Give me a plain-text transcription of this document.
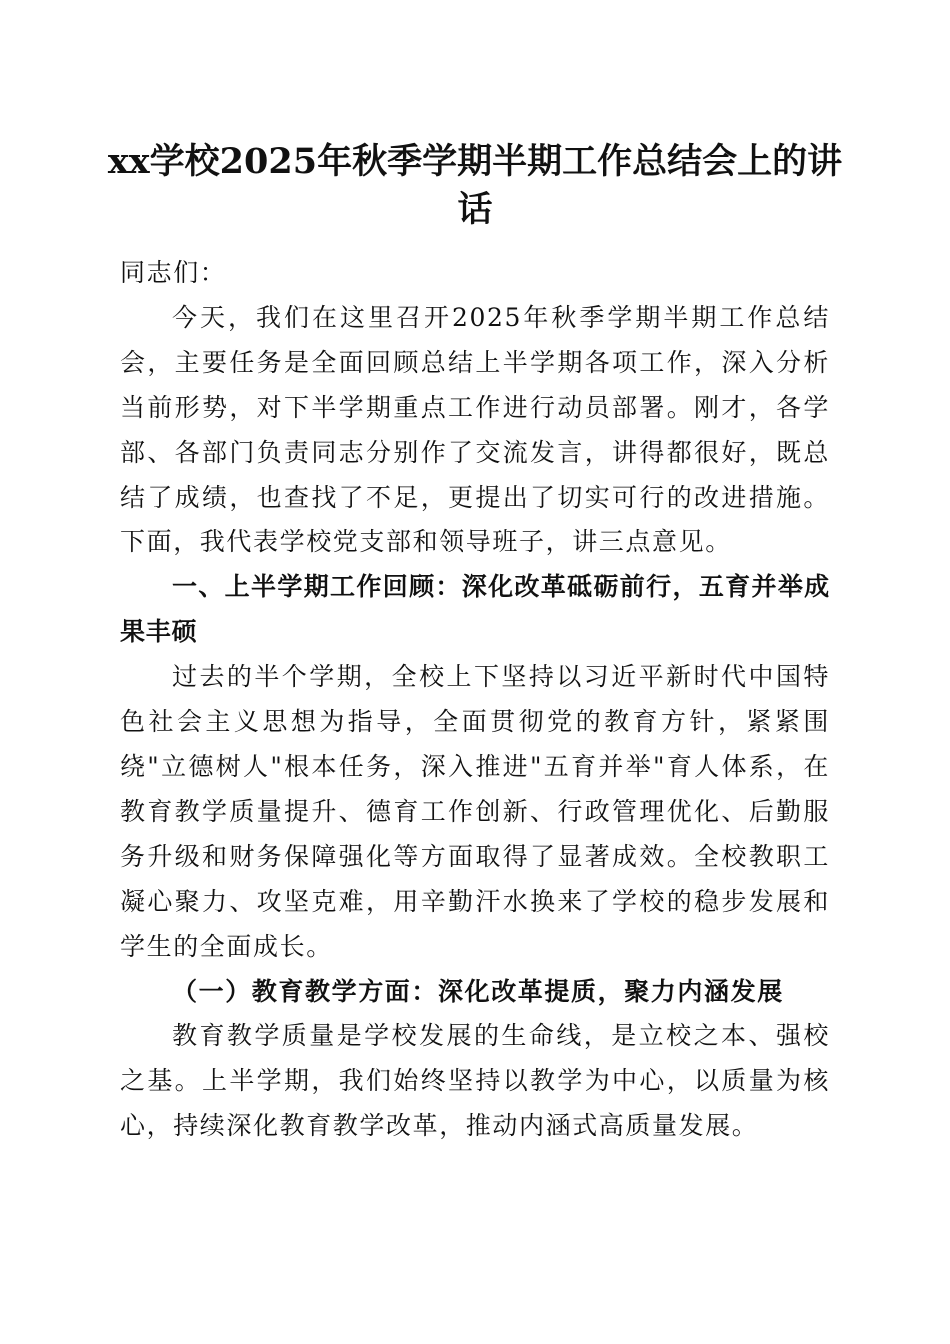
xx学校2025年秋季学期半期工作总结会上的讲话

同志们：

今天，我们在这里召开2025年秋季学期半期工作总结会，主要任务是全面回顾总结上半学期各项工作，深入分析当前形势，对下半学期重点工作进行动员部署。刚才，各学部、各部门负责同志分别作了交流发言，讲得都很好，既总结了成绩，也查找了不足，更提出了切实可行的改进措施。下面，我代表学校党支部和领导班子，讲三点意见。

一、上半学期工作回顾：深化改革砥砺前行，五育并举成果丰硕

过去的半个学期，全校上下坚持以习近平新时代中国特色社会主义思想为指导，全面贯彻党的教育方针，紧紧围绕"立德树人"根本任务，深入推进"五育并举"育人体系，在教育教学质量提升、德育工作创新、行政管理优化、后勤服务升级和财务保障强化等方面取得了显著成效。全校教职工凝心聚力、攻坚克难，用辛勤汗水换来了学校的稳步发展和学生的全面成长。

（一）教育教学方面：深化改革提质，聚力内涵发展

教育教学质量是学校发展的生命线，是立校之本、强校之基。上半学期，我们始终坚持以教学为中心，以质量为核心，持续深化教育教学改革，推动内涵式高质量发展。
